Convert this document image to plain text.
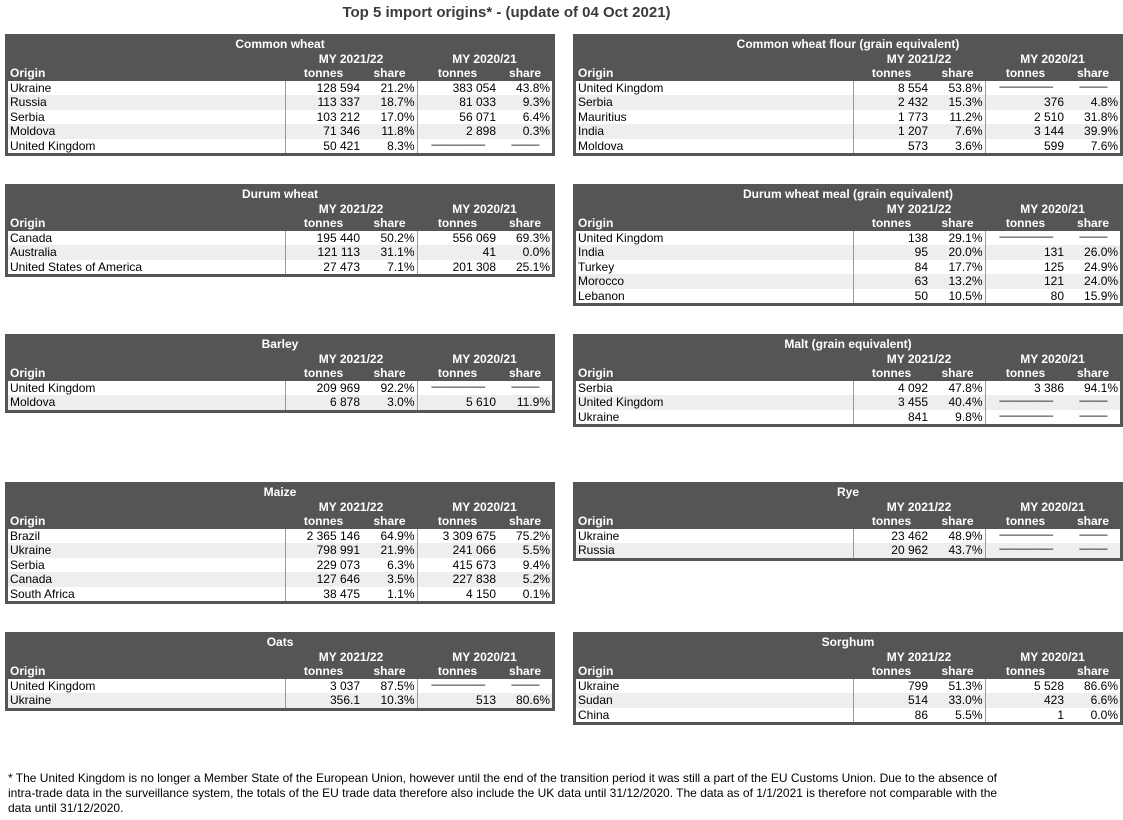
Top 5 import origins* - (update of 04 Oct 2021)
Common wheat				
	MY 2021/22		MY 2020/21	
Origin	tonnes	share	tonnes	share
Ukraine	128 594	21.2%	383 054	43.8%
Russia	113 337	18.7%	81 033	9.3%
Serbia	103 212	17.0%	56 071	6.4%
Moldova	71 346	11.8%	2 898	0.3%
United Kingdom	50 421	8.3%	-----------------------	------------
Common wheat flour (grain equivalent)				
	MY 2021/22		MY 2020/21	
Origin	tonnes	share	tonnes	share
United Kingdom	8 554	53.8%	-----------------------	------------
Serbia	2 432	15.3%	376	4.8%
Mauritius	1 773	11.2%	2 510	31.8%
India	1 207	7.6%	3 144	39.9%
Moldova	573	3.6%	599	7.6%
Durum wheat				
	MY 2021/22		MY 2020/21	
Origin	tonnes	share	tonnes	share
Canada	195 440	50.2%	556 069	69.3%
Australia	121 113	31.1%	41	0.0%
United States of America	27 473	7.1%	201 308	25.1%

Durum wheat meal (grain equivalent)				
	MY 2021/22		MY 2020/21	
Origin	tonnes	share	tonnes	share
United Kingdom	138	29.1%	-----------------------	------------
India	95	20.0%	131	26.0%
Turkey	84	17.7%	125	24.9%
Morocco	63	13.2%	121	24.0%
Lebanon	50	10.5%	80	15.9%
Barley				
	MY 2021/22		MY 2020/21	
Origin	tonnes	share	tonnes	share
United Kingdom	209 969	92.2%	-----------------------	------------
Moldova	6 878	3.0%	5 610	11.9%

Malt (grain equivalent)				
	MY 2021/22		MY 2020/21	
Origin	tonnes	share	tonnes	share
Serbia	4 092	47.8%	3 386	94.1%
United Kingdom	3 455	40.4%	-----------------------	------------
Ukraine	841	9.8%	-----------------------	------------

Maize				
	MY 2021/22		MY 2020/21	
Origin	tonnes	share	tonnes	share
Brazil	2 365 146	64.9%	3 309 675	75.2%
Ukraine	798 991	21.9%	241 066	5.5%
Serbia	229 073	6.3%	415 673	9.4%
Canada	127 646	3.5%	227 838	5.2%
South Africa	38 475	1.1%	4 150	0.1%
Rye				
	MY 2021/22		MY 2020/21	
Origin	tonnes	share	tonnes	share
Ukraine	23 462	48.9%	-----------------------	------------
Russia	20 962	43.7%	-----------------------	------------

Oats				
	MY 2021/22		MY 2020/21	
Origin	tonnes	share	tonnes	share
United Kingdom	3 037	87.5%	-----------------------	------------
Ukraine	356.1	10.3%	513	80.6%

Sorghum				
	MY 2021/22		MY 2020/21	
Origin	tonnes	share	tonnes	share
Ukraine	799	51.3%	5 528	86.6%
Sudan	514	33.0%	423	6.6%
China	86	5.5%	1	0.0%

* The United Kingdom is no longer a Member State of the European Union, however until the end of the transition period it was still a part of the EU Customs Union. Due to the absence of intra-trade data in the surveillance system, the totals of the EU trade data therefore also include the UK data until 31/12/2020. The data as of 1/1/2021 is therefore not comparable with the data until 31/12/2020.
